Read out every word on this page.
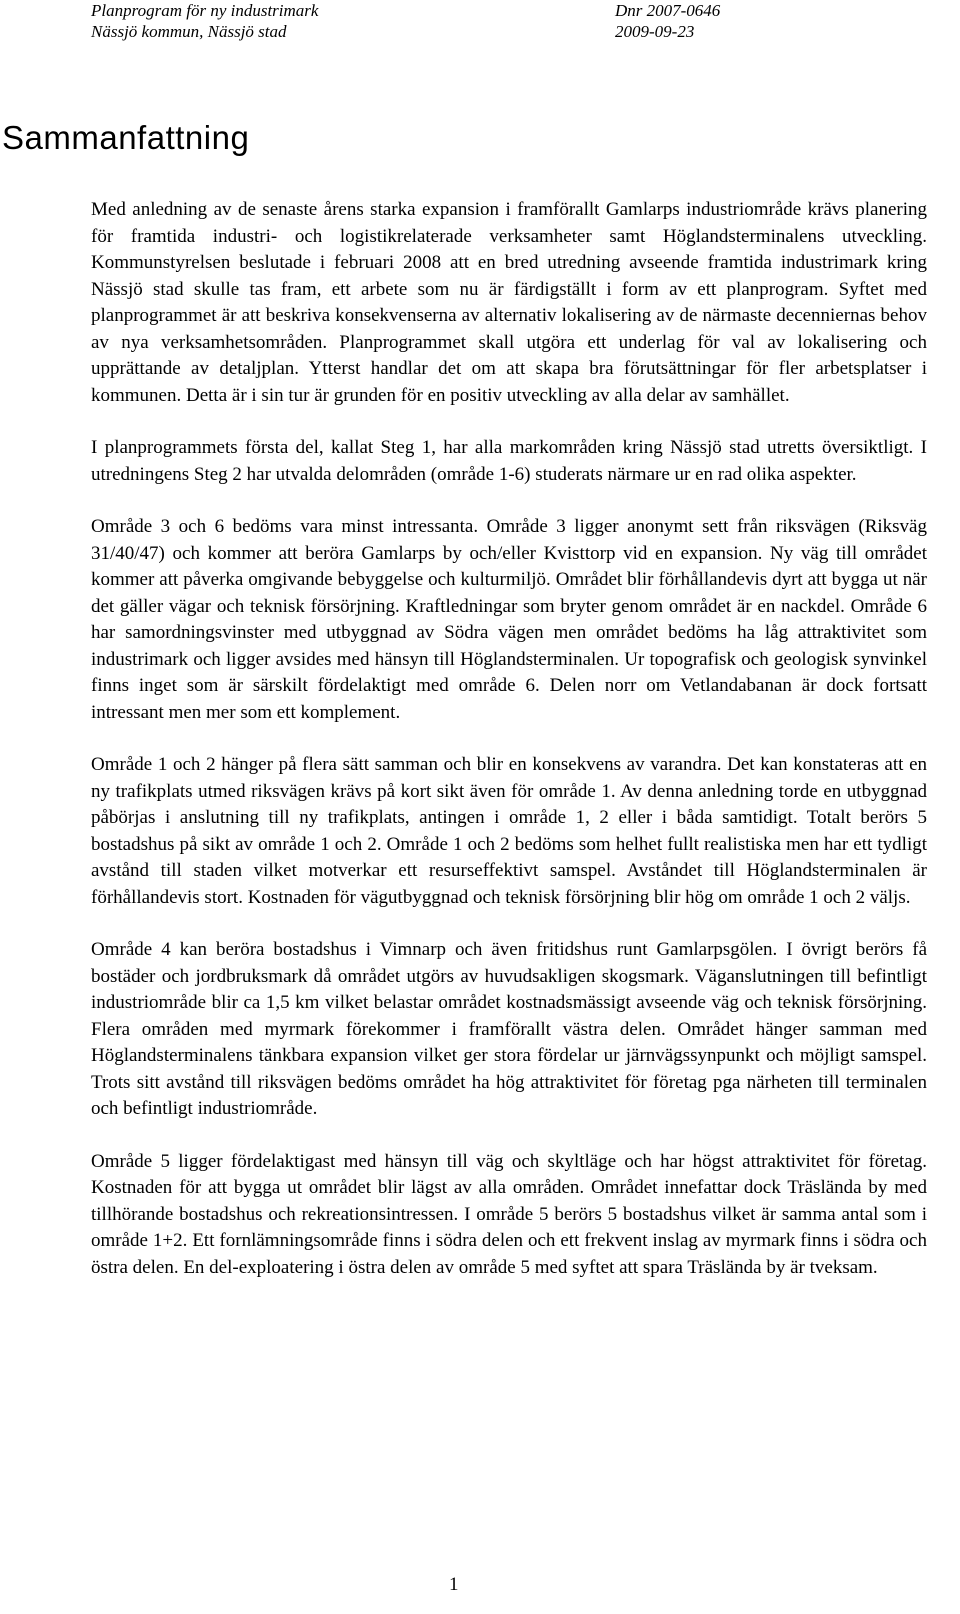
Planprogram för ny industrimark
Nässjö kommun, Nässjö stad
Dnr 2007-0646
2009-09-23
Sammanfattning

Med anledning av de senaste årens starka expansion i framförallt Gamlarps industriområde krävs planering för framtida industri- och logistikrelaterade verksamheter samt Höglandsterminalens utveckling. Kommunstyrelsen beslutade i februari 2008 att en bred utredning avseende framtida industrimark kring Nässjö stad skulle tas fram, ett arbete som nu är färdigställt i form av ett planprogram. Syftet med planprogrammet är att beskriva konsekvenserna av alternativ lokalisering av de närmaste decenniernas behov av nya verksamhetsområden. Planprogrammet skall utgöra ett underlag för val av lokalisering och upprättande av detaljplan. Ytterst handlar det om att skapa bra förutsättningar för fler arbetsplatser i kommunen. Detta är i sin tur är grunden för en positiv utveckling av alla delar av samhället.

I planprogrammets första del, kallat Steg 1, har alla markområden kring Nässjö stad utretts översiktligt. I utredningens Steg 2 har utvalda delområden (område 1-6) studerats närmare ur en rad olika aspekter.

Område 3 och 6 bedöms vara minst intressanta. Område 3 ligger anonymt sett från riksvägen (Riksväg 31/40/47) och kommer att beröra Gamlarps by och/eller Kvisttorp vid en expansion. Ny väg till området kommer att påverka omgivande bebyggelse och kulturmiljö. Området blir förhållandevis dyrt att bygga ut när det gäller vägar och teknisk försörjning. Kraftledningar som bryter genom området är en nackdel. Område 6 har samordningsvinster med utbyggnad av Södra vägen men området bedöms ha låg attraktivitet som industrimark och ligger avsides med hänsyn till Höglandsterminalen. Ur topografisk och geologisk synvinkel finns inget som är särskilt fördelaktigt med område 6. Delen norr om Vetlandabanan är dock fortsatt intressant men mer som ett komplement.

Område 1 och 2 hänger på flera sätt samman och blir en konsekvens av varandra. Det kan konstateras att en ny trafikplats utmed riksvägen krävs på kort sikt även för område 1. Av denna anledning torde en utbyggnad påbörjas i anslutning till ny trafikplats, antingen i område 1, 2 eller i båda samtidigt. Totalt berörs 5 bostadshus på sikt av område 1 och 2. Område 1 och 2 bedöms som helhet fullt realistiska men har ett tydligt avstånd till staden vilket motverkar ett resurseffektivt samspel. Avståndet till Höglandsterminalen är förhållandevis stort. Kostnaden för vägutbyggnad och teknisk försörjning blir hög om område 1 och 2 väljs.

Område 4 kan beröra bostadshus i Vimnarp och även fritidshus runt Gamlarpsgölen. I övrigt berörs få bostäder och jordbruksmark då området utgörs av huvudsakligen skogsmark. Väganslutningen till befintligt industriområde blir ca 1,5 km vilket belastar området kostnadsmässigt avseende väg och teknisk försörjning. Flera områden med myrmark förekommer i framförallt västra delen. Området hänger samman med Höglandsterminalens tänkbara expansion vilket ger stora fördelar ur järnvägssynpunkt och möjligt samspel. Trots sitt avstånd till riksvägen bedöms området ha hög attraktivitet för företag pga närheten till terminalen och befintligt industriområde.

Område 5 ligger fördelaktigast med hänsyn till väg och skyltläge och har högst attraktivitet för företag. Kostnaden för att bygga ut området blir lägst av alla områden. Området innefattar dock Träslända by med tillhörande bostadshus och rekreationsintressen. I område 5 berörs 5 bostadshus vilket är samma antal som i område 1+2. Ett fornlämningsområde finns i södra delen och ett frekvent inslag av myrmark finns i södra och östra delen. En del-exploatering i östra delen av område 5 med syftet att spara Träslända by är tveksam.

1
